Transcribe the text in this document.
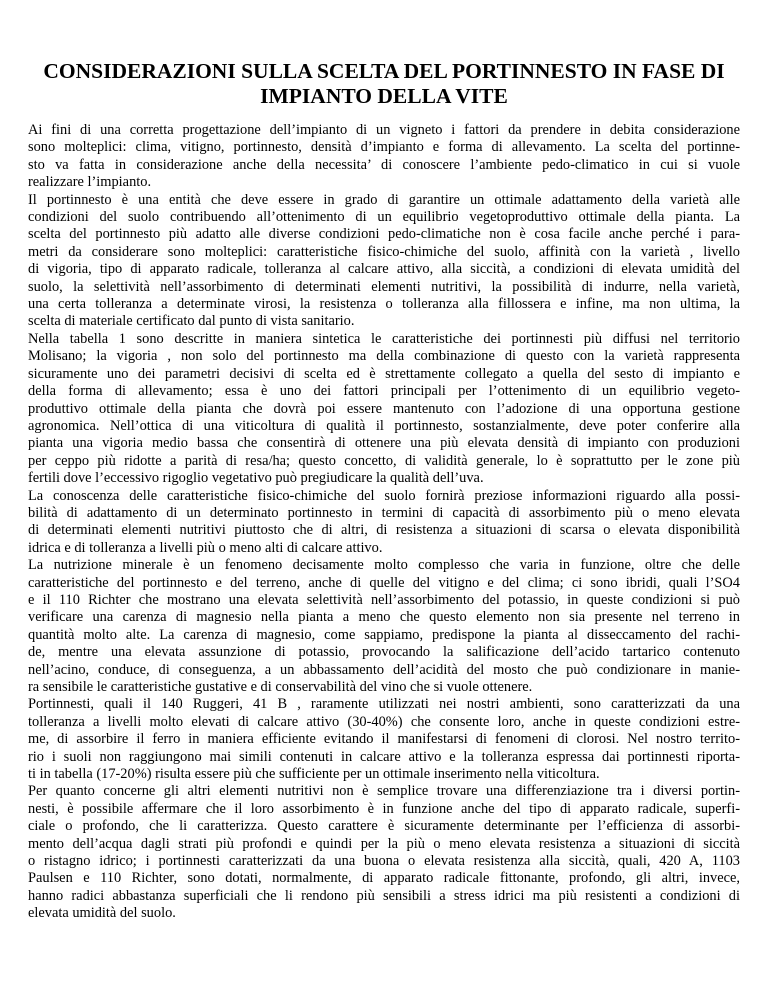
CONSIDERAZIONI SULLA SCELTA DEL PORTINNESTO IN FASE DI
IMPIANTO DELLA VITE

Ai fini di una corretta progettazione dell’impianto di un vigneto i fattori da prendere in debita considerazione
sono molteplici: clima, vitigno, portinnesto, densità d’impianto e forma di allevamento. La scelta del portinne-
sto va fatta in considerazione anche della necessita’ di conoscere l’ambiente pedo-climatico in cui si vuole
realizzare l’impianto.

Il portinnesto è una entità che deve essere in grado di garantire un ottimale adattamento della varietà alle
condizioni del suolo contribuendo all’ottenimento di un equilibrio vegetoproduttivo ottimale della pianta. La
scelta del portinnesto più adatto alle diverse condizioni pedo-climatiche non è cosa facile anche perché i para-
metri da considerare sono molteplici: caratteristiche fisico-chimiche del suolo, affinità con la varietà , livello
di vigoria, tipo di apparato radicale, tolleranza al calcare attivo, alla siccità, a condizioni di elevata umidità del
suolo, la selettività nell’assorbimento di determinati elementi nutritivi, la possibilità di indurre, nella varietà,
una certa tolleranza a determinate virosi, la resistenza o tolleranza alla fillossera e infine, ma non ultima, la
scelta di materiale certificato dal punto di vista sanitario.

Nella tabella 1 sono descritte in maniera sintetica le caratteristiche dei portinnesti più diffusi nel territorio
Molisano; la vigoria , non solo del portinnesto ma della combinazione di questo con la varietà rappresenta
sicuramente uno dei parametri decisivi di scelta ed è strettamente collegato a quella del sesto di impianto e
della forma di allevamento; essa è uno dei fattori principali per l’ottenimento di un equilibrio vegeto-
produttivo ottimale della pianta che dovrà poi essere mantenuto con l’adozione di una opportuna gestione
agronomica. Nell’ottica di una viticoltura di qualità il portinnesto, sostanzialmente, deve poter conferire alla
pianta una vigoria medio bassa che consentirà di ottenere una più elevata densità di impianto con produzioni
per ceppo più ridotte a parità di resa/ha; questo concetto, di validità generale, lo è soprattutto per le zone più
fertili dove l’eccessivo rigoglio vegetativo può pregiudicare la qualità dell’uva.

La conoscenza delle caratteristiche fisico-chimiche del suolo fornirà preziose informazioni riguardo alla possi-
bilità di adattamento di un determinato portinnesto in termini di capacità di assorbimento più o meno elevata
di determinati elementi nutritivi piuttosto che di altri, di resistenza a situazioni di scarsa o elevata disponibilità
idrica e di tolleranza a livelli più o meno alti di calcare attivo.

La nutrizione minerale è un fenomeno decisamente molto complesso che varia in funzione, oltre che delle
caratteristiche del portinnesto e del terreno, anche di quelle del vitigno e del clima; ci sono ibridi, quali l’SO4
e il 110 Richter che mostrano una elevata selettività nell’assorbimento del potassio, in queste condizioni si può
verificare una carenza di magnesio nella pianta a meno che questo elemento non sia presente nel terreno in
quantità molto alte. La carenza di magnesio, come sappiamo, predispone la pianta al disseccamento del rachi-
de, mentre una elevata assunzione di potassio, provocando la salificazione dell’acido tartarico contenuto
nell’acino, conduce, di conseguenza, a un abbassamento dell’acidità del mosto che può condizionare in manie-
ra sensibile le caratteristiche gustative e di conservabilità del vino che si vuole ottenere.

Portinnesti, quali il 140 Ruggeri, 41 B , raramente utilizzati nei nostri ambienti, sono caratterizzati da una
tolleranza a livelli molto elevati di calcare attivo (30-40%) che consente loro, anche in queste condizioni estre-
me, di assorbire il ferro in maniera efficiente evitando il manifestarsi di fenomeni di clorosi. Nel nostro territo-
rio i suoli non raggiungono mai simili contenuti in calcare attivo e la tolleranza espressa dai portinnesti riporta-
ti in tabella (17-20%) risulta essere più che sufficiente per un ottimale inserimento nella viticoltura.

Per quanto concerne gli altri elementi nutritivi non è semplice trovare una differenziazione tra i diversi portin-
nesti, è possibile affermare che il loro assorbimento è in funzione anche del tipo di apparato radicale, superfi-
ciale o profondo, che li caratterizza. Questo carattere è sicuramente determinante per l’efficienza di assorbi-
mento dell’acqua dagli strati più profondi e quindi per la più o meno elevata resistenza a situazioni di siccità
o ristagno idrico; i portinnesti caratterizzati da una buona o elevata resistenza alla siccità, quali, 420 A, 1103
Paulsen e 110 Richter, sono dotati, normalmente, di apparato radicale fittonante, profondo, gli altri, invece,
hanno radici abbastanza superficiali che li rendono più sensibili a stress idrici ma più resistenti a condizioni di
elevata umidità del suolo.
